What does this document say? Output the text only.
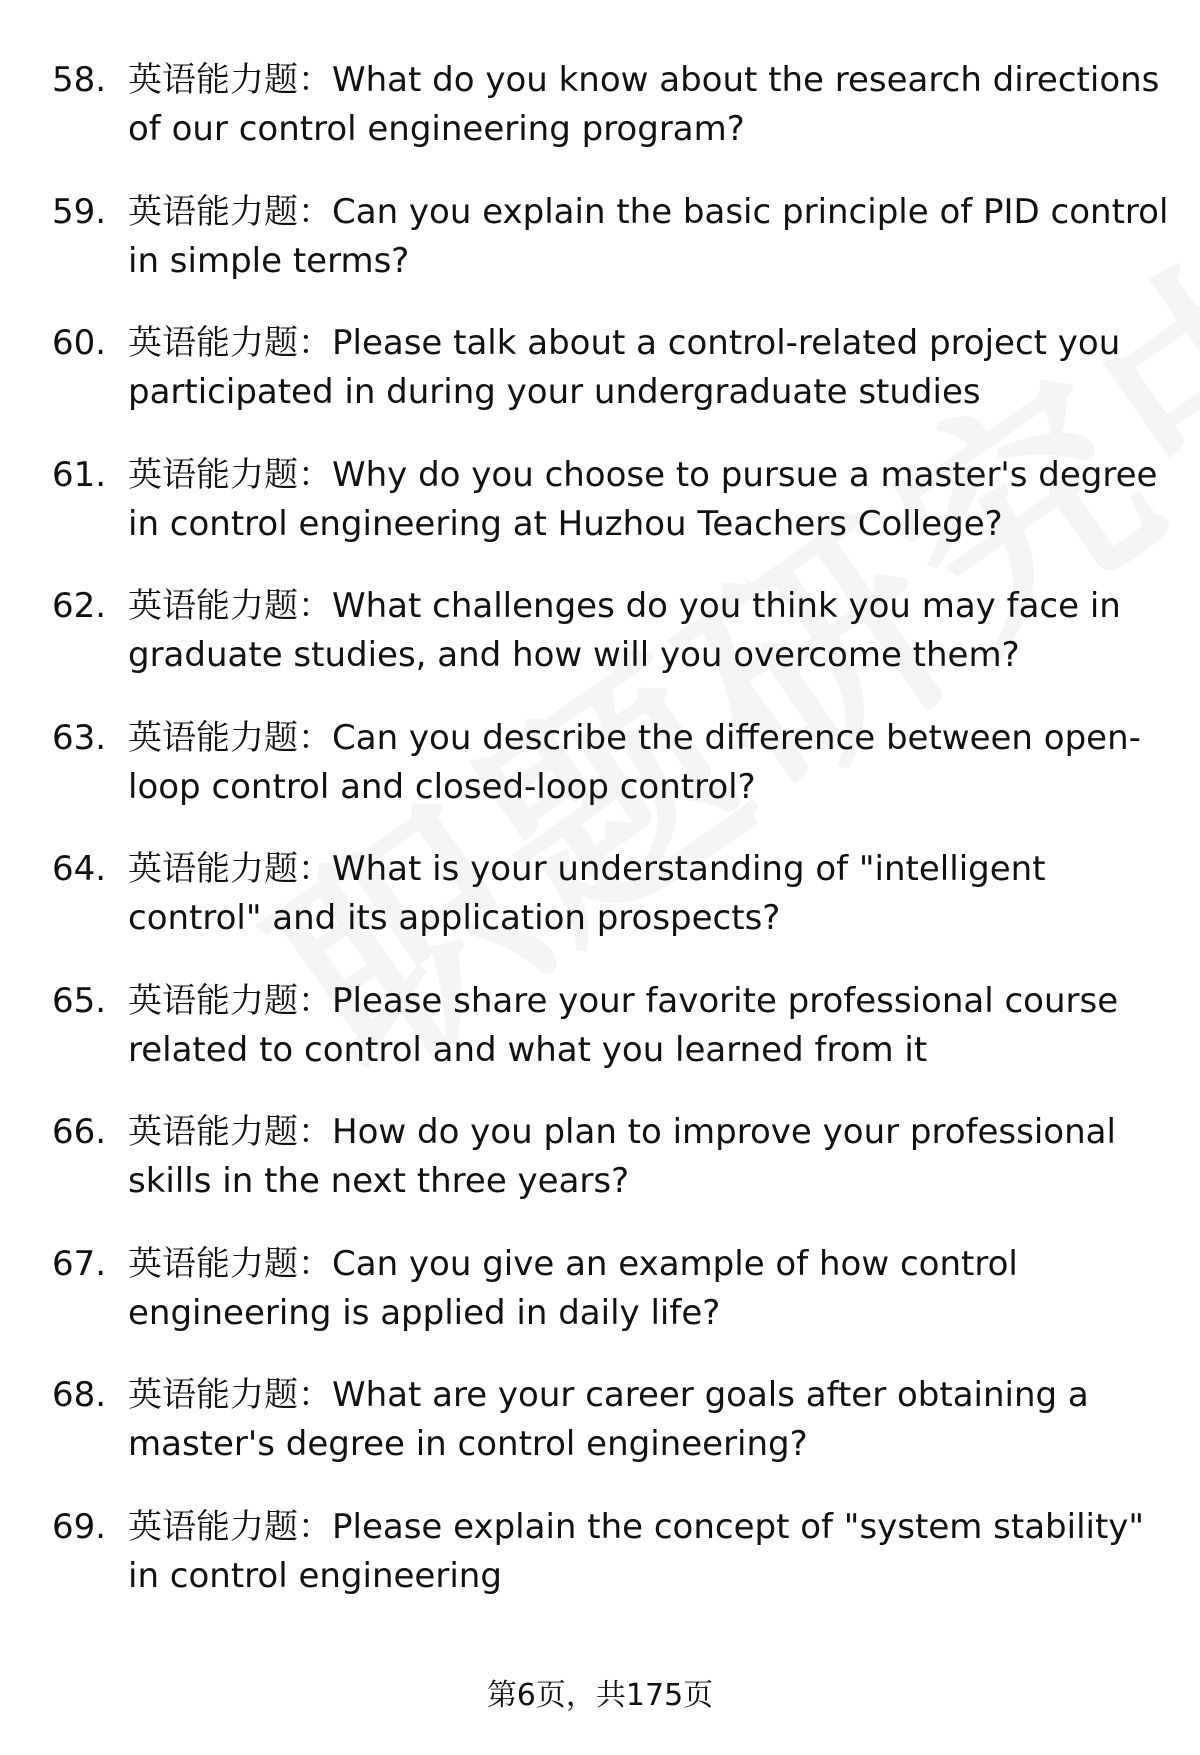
58. 英语能力题：What do you know about the research directions of our control engineering program?
59. 英语能力题：Can you explain the basic principle of PID control in simple terms?
60. 英语能力题：Please talk about a control-related project you participated in during your undergraduate studies
61. 英语能力题：Why do you choose to pursue a master's degree in control engineering at Huzhou Teachers College?
62. 英语能力题：What challenges do you think you may face in graduate studies, and how will you overcome them?
63. 英语能力题：Can you describe the difference between open-loop control and closed-loop control?
64. 英语能力题：What is your understanding of "intelligent control" and its application prospects?
65. 英语能力题：Please share your favorite professional course related to control and what you learned from it
66. 英语能力题：How do you plan to improve your professional skills in the next three years?
67. 英语能力题：Can you give an example of how control engineering is applied in daily life?
68. 英语能力题：What are your career goals after obtaining a master's degree in control engineering?
69. 英语能力题：Please explain the concept of "system stability" in control engineering
第6页，共175页
